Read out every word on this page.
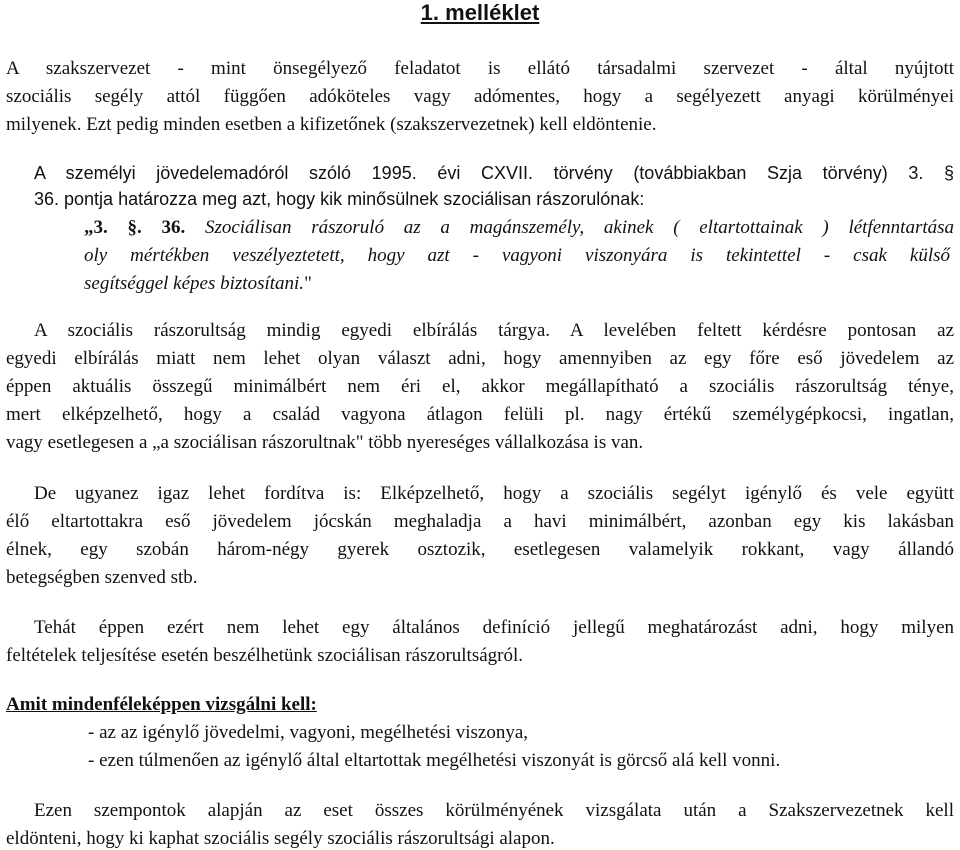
1. melléklet
A szakszervezet - mint önsegélyező feladatot is ellátó társadalmi szervezet - által nyújtott
szociális segély attól függően adóköteles vagy adómentes, hogy a segélyezett anyagi körülményei
milyenek. Ezt pedig minden esetben a kifizetőnek (szakszervezetnek) kell eldöntenie.
A személyi jövedelemadóról szóló 1995. évi CXVII. törvény (továbbiakban Szja törvény) 3. §
36. pontja határozza meg azt, hogy kik minősülnek szociálisan rászorulónak:
„3. §. 36. Szociálisan rászoruló az a magánszemély, akinek ( eltartottainak ) létfenntartása
oly mértékben veszélyeztetett, hogy azt - vagyoni viszonyára is tekintettel - csak külső
segítséggel képes biztosítani."
A szociális rászorultság mindig egyedi elbírálás tárgya. A levelében feltett kérdésre pontosan az
egyedi elbírálás miatt nem lehet olyan választ adni, hogy amennyiben az egy főre eső jövedelem az
éppen aktuális összegű minimálbért nem éri el, akkor megállapítható a szociális rászorultság ténye,
mert elképzelhető, hogy a család vagyona átlagon felüli pl. nagy értékű személygépkocsi, ingatlan,
vagy esetlegesen a „a szociálisan rászorultnak" több nyereséges vállalkozása is van.
De ugyanez igaz lehet fordítva is: Elképzelhető, hogy a szociális segélyt igénylő és vele együtt
élő eltartottakra eső jövedelem jócskán meghaladja a havi minimálbért, azonban egy kis lakásban
élnek, egy szobán három-négy gyerek osztozik, esetlegesen valamelyik rokkant, vagy állandó
betegségben szenved stb.
Tehát éppen ezért nem lehet egy általános definíció jellegű meghatározást adni, hogy milyen
feltételek teljesítése esetén beszélhetünk szociálisan rászorultságról.
Amit mindenféleképpen vizsgálni kell:
- az az igénylő jövedelmi, vagyoni, megélhetési viszonya,
- ezen túlmenően az igénylő által eltartottak megélhetési viszonyát is görcső alá kell vonni.
Ezen szempontok alapján az eset összes körülményének vizsgálata után a Szakszervezetnek kell
eldönteni, hogy ki kaphat szociális segély szociális rászorultsági alapon.
